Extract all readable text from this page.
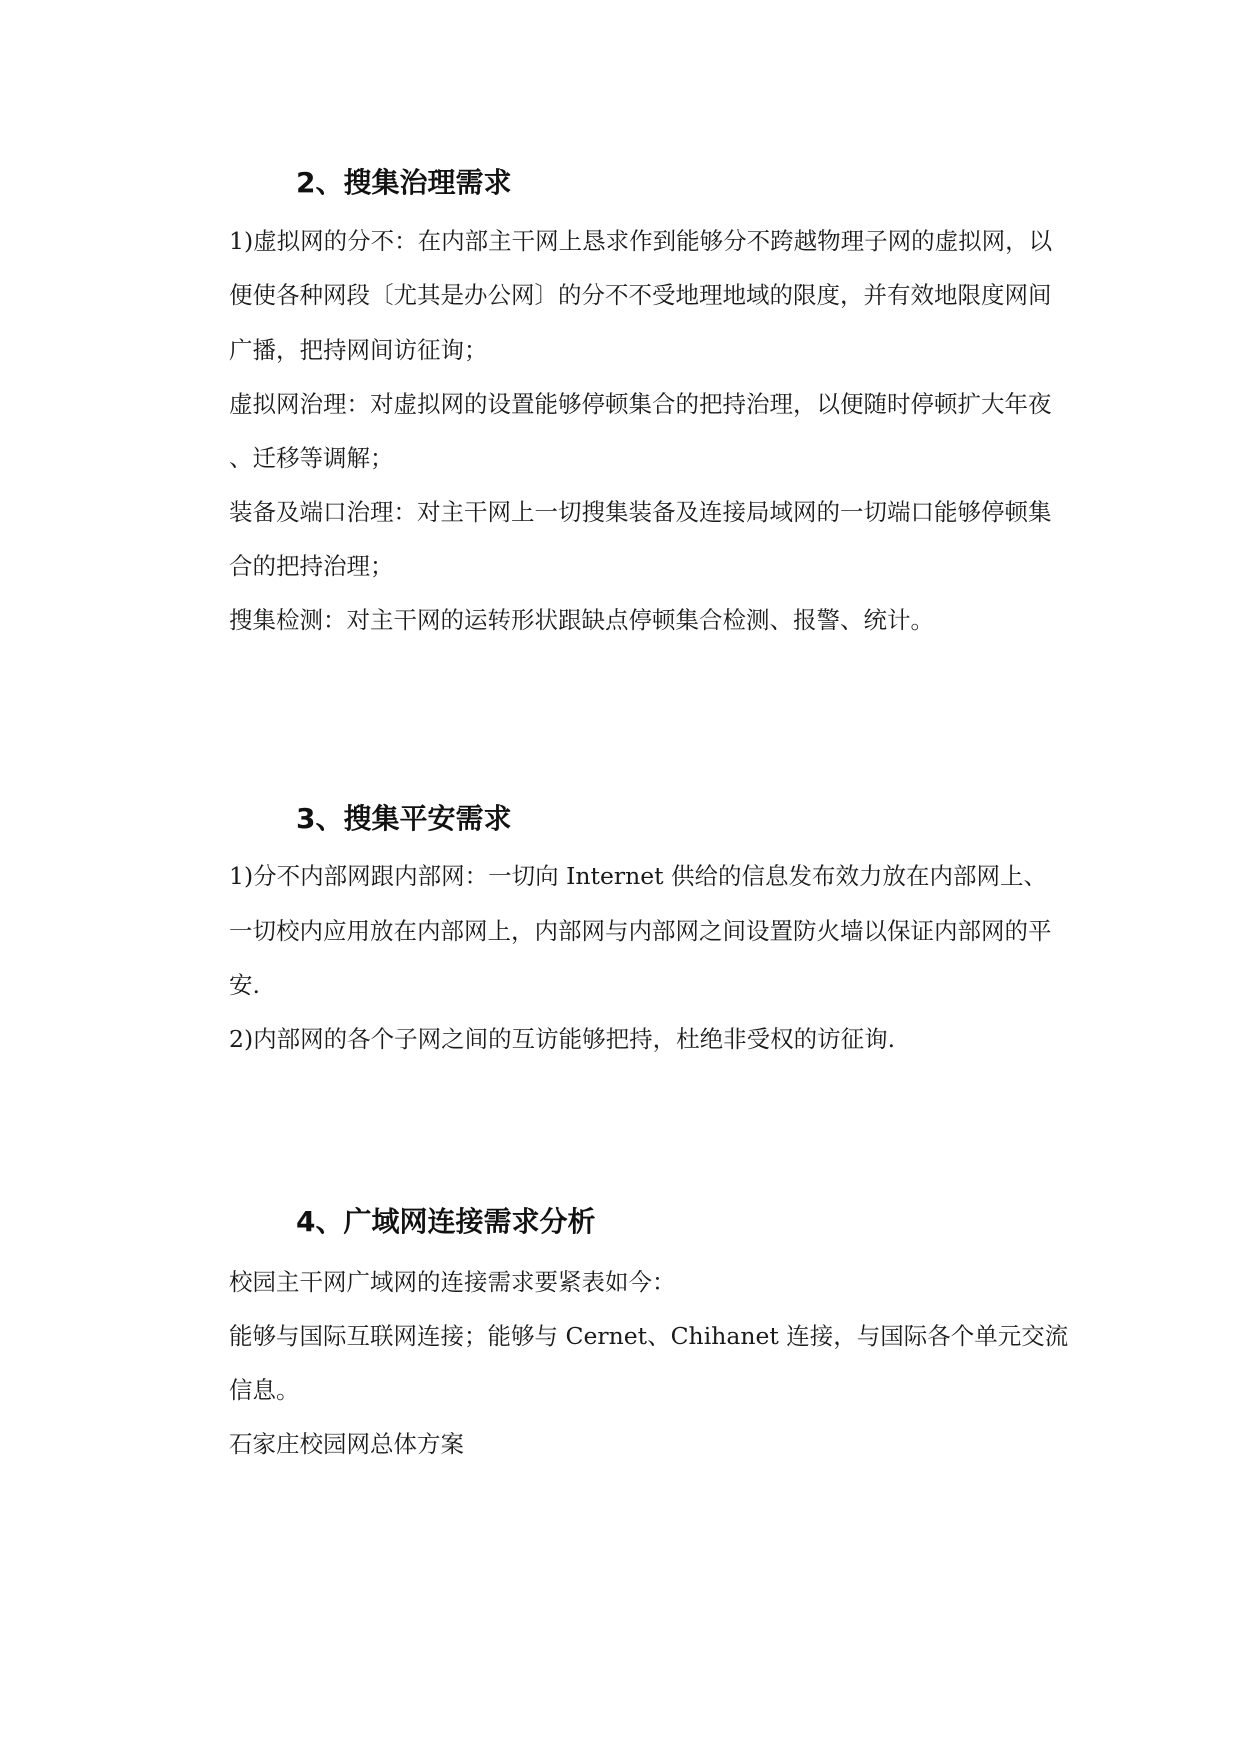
2、搜集治理需求
1)虚拟网的分不：在内部主干网上恳求作到能够分不跨越物理子网的虚拟网，以
便使各种网段〔尤其是办公网〕的分不不受地理地域的限度，并有效地限度网间
广播，把持网间访征询；
虚拟网治理：对虚拟网的设置能够停顿集合的把持治理，以便随时停顿扩大年夜
、迁移等调解；
装备及端口治理：对主干网上一切搜集装备及连接局域网的一切端口能够停顿集
合的把持治理；
搜集检测：对主干网的运转形状跟缺点停顿集合检测、报警、统计。
3、搜集平安需求
1)分不内部网跟内部网：一切向 Internet 供给的信息发布效力放在内部网上、
一切校内应用放在内部网上，内部网与内部网之间设置防火墙以保证内部网的平
安.
2)内部网的各个子网之间的互访能够把持，杜绝非受权的访征询.
4、广域网连接需求分析
校园主干网广域网的连接需求要紧表如今：
能够与国际互联网连接；能够与 Cernet、Chihanet 连接，与国际各个单元交流
信息。
石家庄校园网总体方案
